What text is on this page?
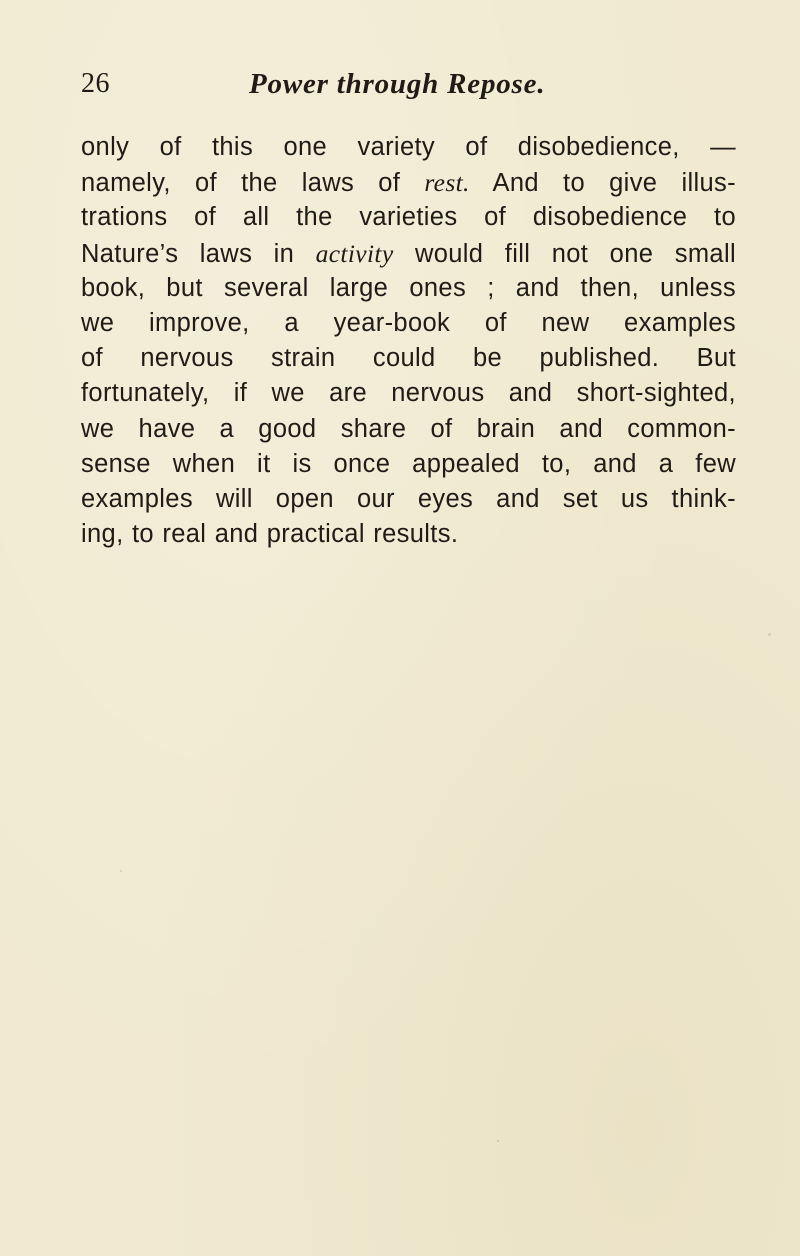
26	Power through Repose.
only of this one variety of disobedience, —
namely, of the laws of rest. And to give illus-
trations of all the varieties of disobedience to
Nature’s laws in activity would fill not one small
book, but several large ones ; and then, unless
we improve, a year-book of new examples
of nervous strain could be published. But
fortunately, if we are nervous and short-sighted,
we have a good share of brain and common-
sense when it is once appealed to, and a few
examples will open our eyes and set us think-
ing, to real and practical results.
